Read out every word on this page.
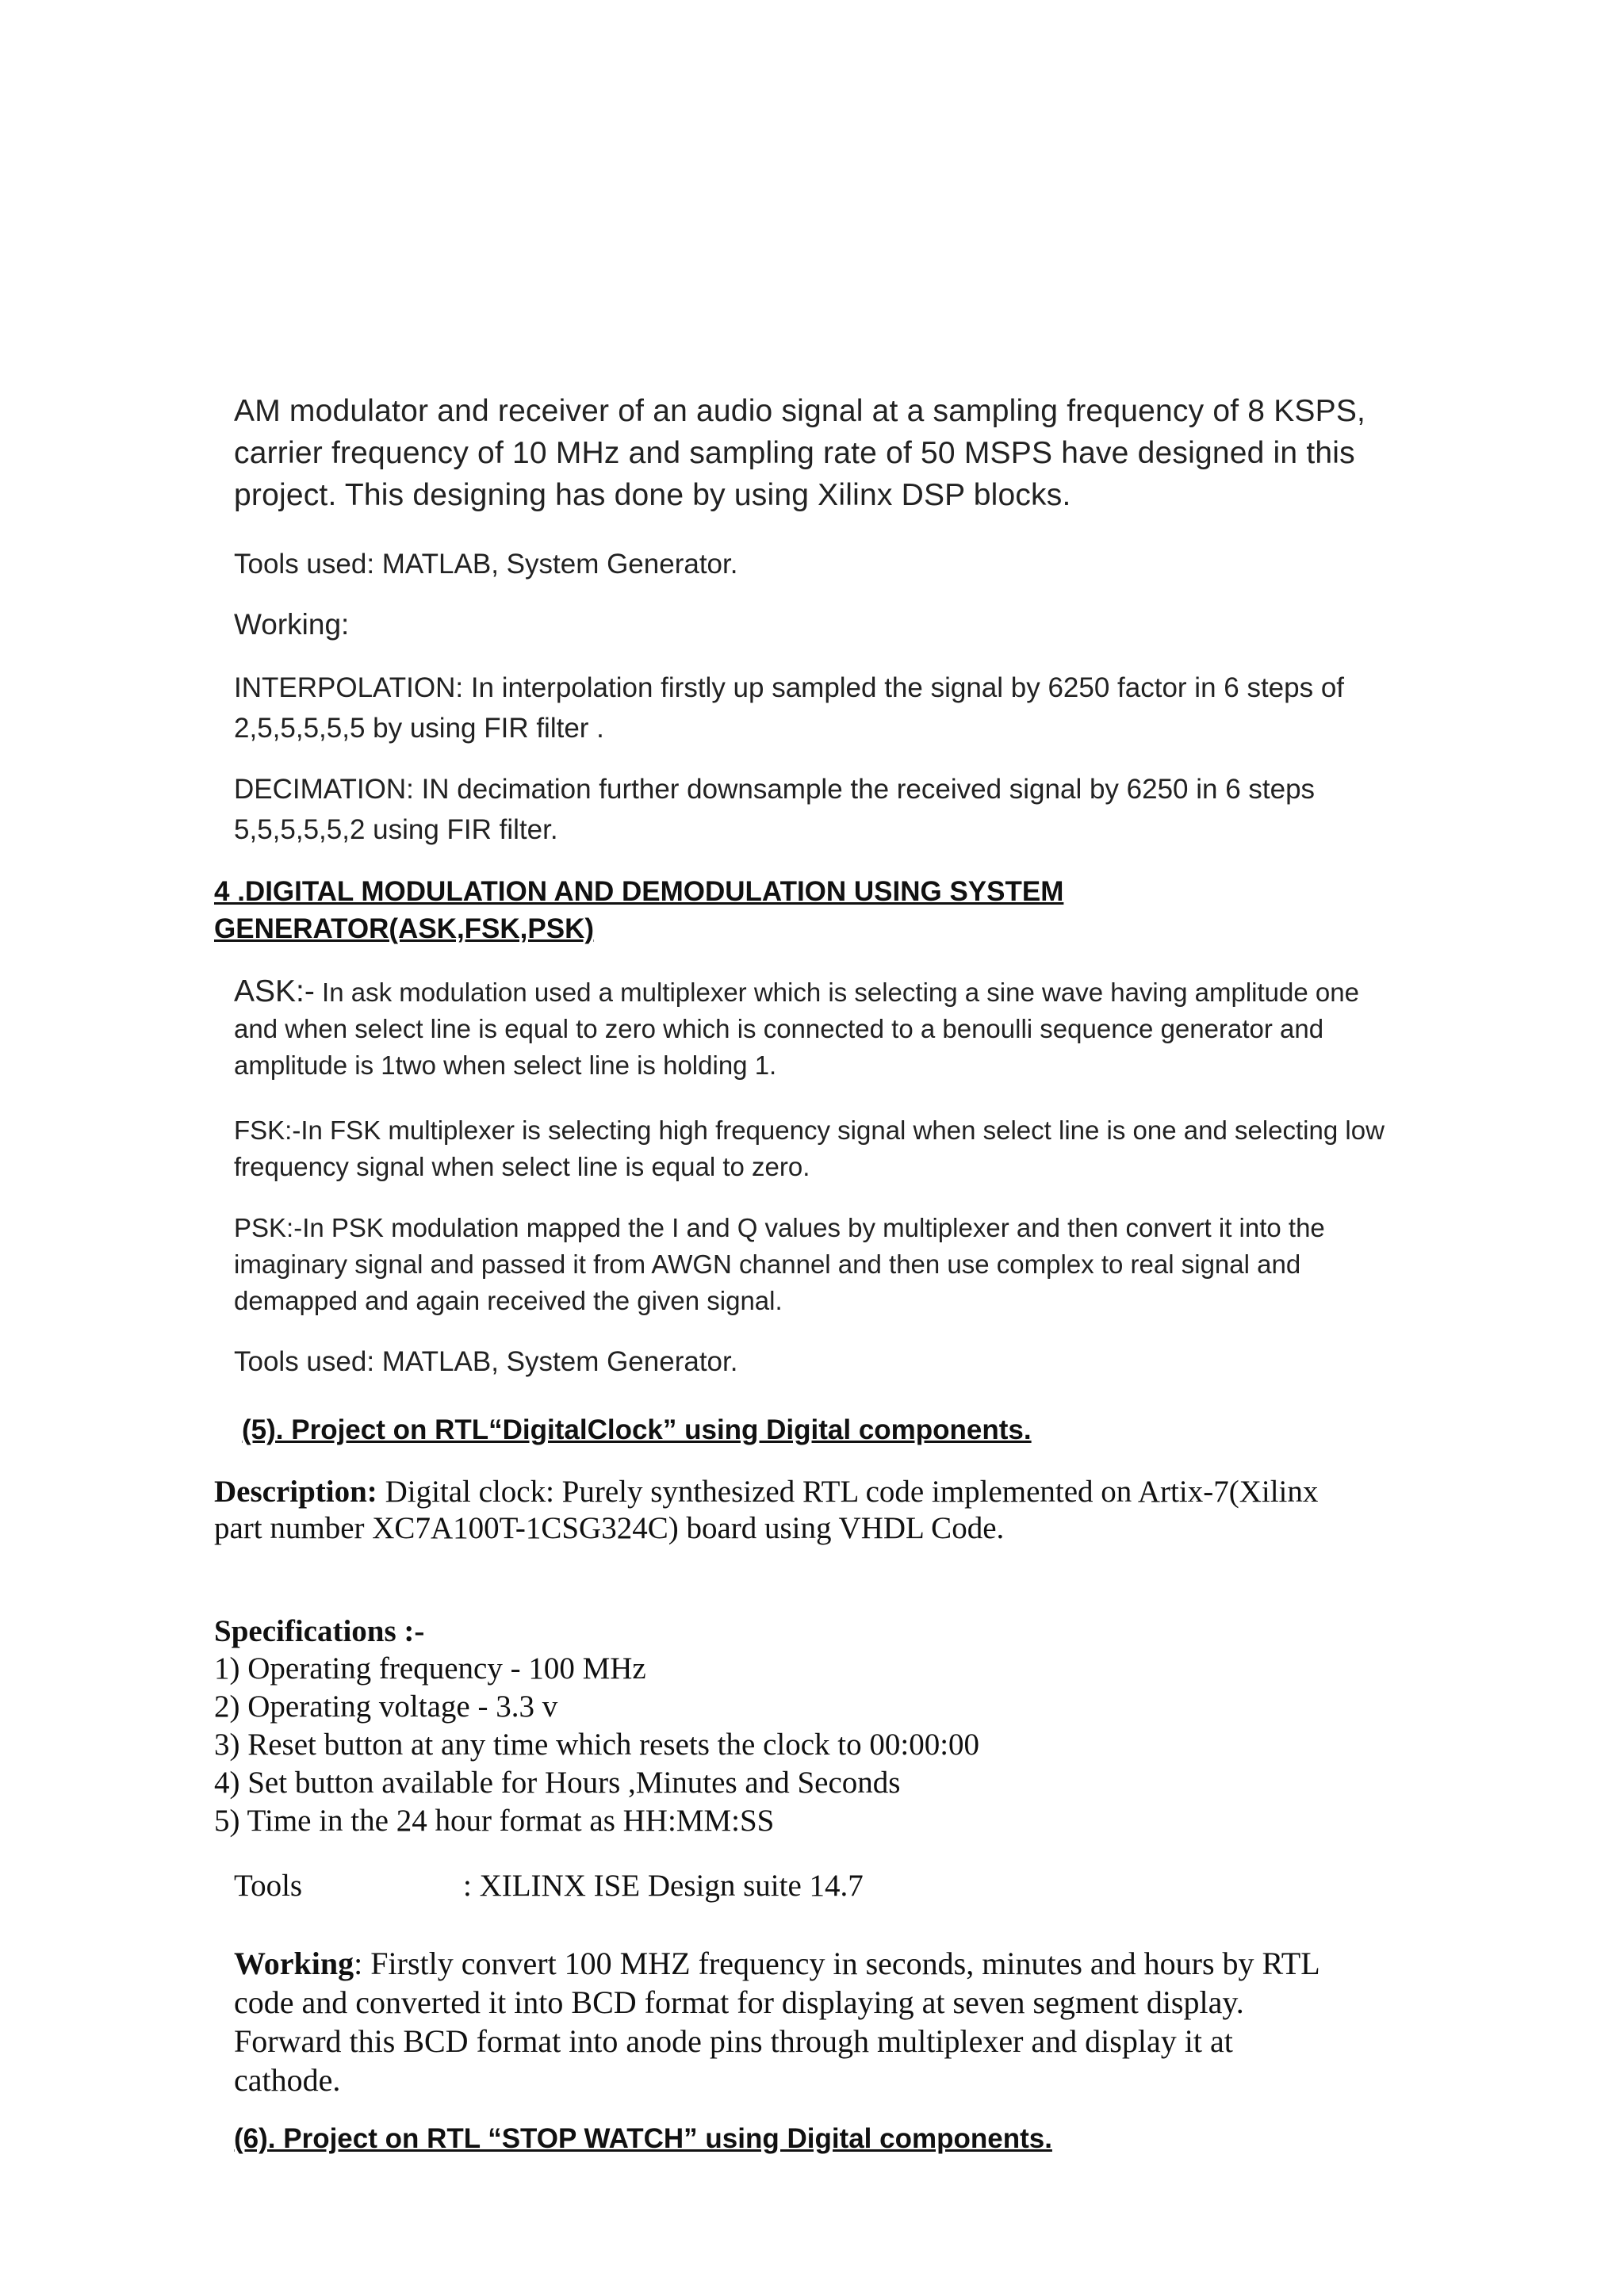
AM modulator and receiver of an audio signal at a sampling frequency of 8 KSPS,
carrier frequency of 10 MHz and sampling rate of 50 MSPS have designed in this
project. This designing has done by using Xilinx DSP blocks.
Tools used: MATLAB, System Generator.
Working:
INTERPOLATION: In interpolation firstly up sampled the signal by 6250 factor in 6 steps of
2,5,5,5,5,5 by using FIR filter .
DECIMATION: IN decimation further downsample the received signal by 6250 in 6 steps
5,5,5,5,5,2 using FIR filter.
4 .DIGITAL MODULATION AND DEMODULATION USING SYSTEM
GENERATOR(ASK,FSK,PSK)
ASK:- In ask modulation used a multiplexer which is selecting a sine wave having amplitude one
and when select line is equal to zero which is connected to a benoulli sequence generator and
amplitude is 1two when select line is holding 1.
FSK:-In FSK multiplexer is selecting high frequency signal when select line is one and selecting low
frequency signal when select line is equal to zero.
PSK:-In PSK modulation mapped the I and Q values by multiplexer and then convert it into the
imaginary signal and passed it from AWGN channel and then use complex to real signal and
demapped and again received the given signal.
Tools used: MATLAB, System Generator.
(5). Project on RTL“DigitalClock” using Digital components.
Description: Digital clock: Purely synthesized RTL code implemented on Artix-7(Xilinx
part number XC7A100T-1CSG324C) board using VHDL Code.
Specifications :-
1) Operating frequency - 100 MHz
2) Operating voltage - 3.3 v
3) Reset button at any time which resets the clock to 00:00:00
4) Set button available for Hours ,Minutes and Seconds
5) Time in the 24 hour format as HH:MM:SS
Tools	: XILINX ISE Design suite 14.7
Working: Firstly convert 100 MHZ frequency in seconds, minutes and hours by RTL
code and converted it into BCD format for displaying at seven segment display.
Forward this BCD format into anode pins through multiplexer and display it at
cathode.
(6). Project on RTL “STOP WATCH” using Digital components.
